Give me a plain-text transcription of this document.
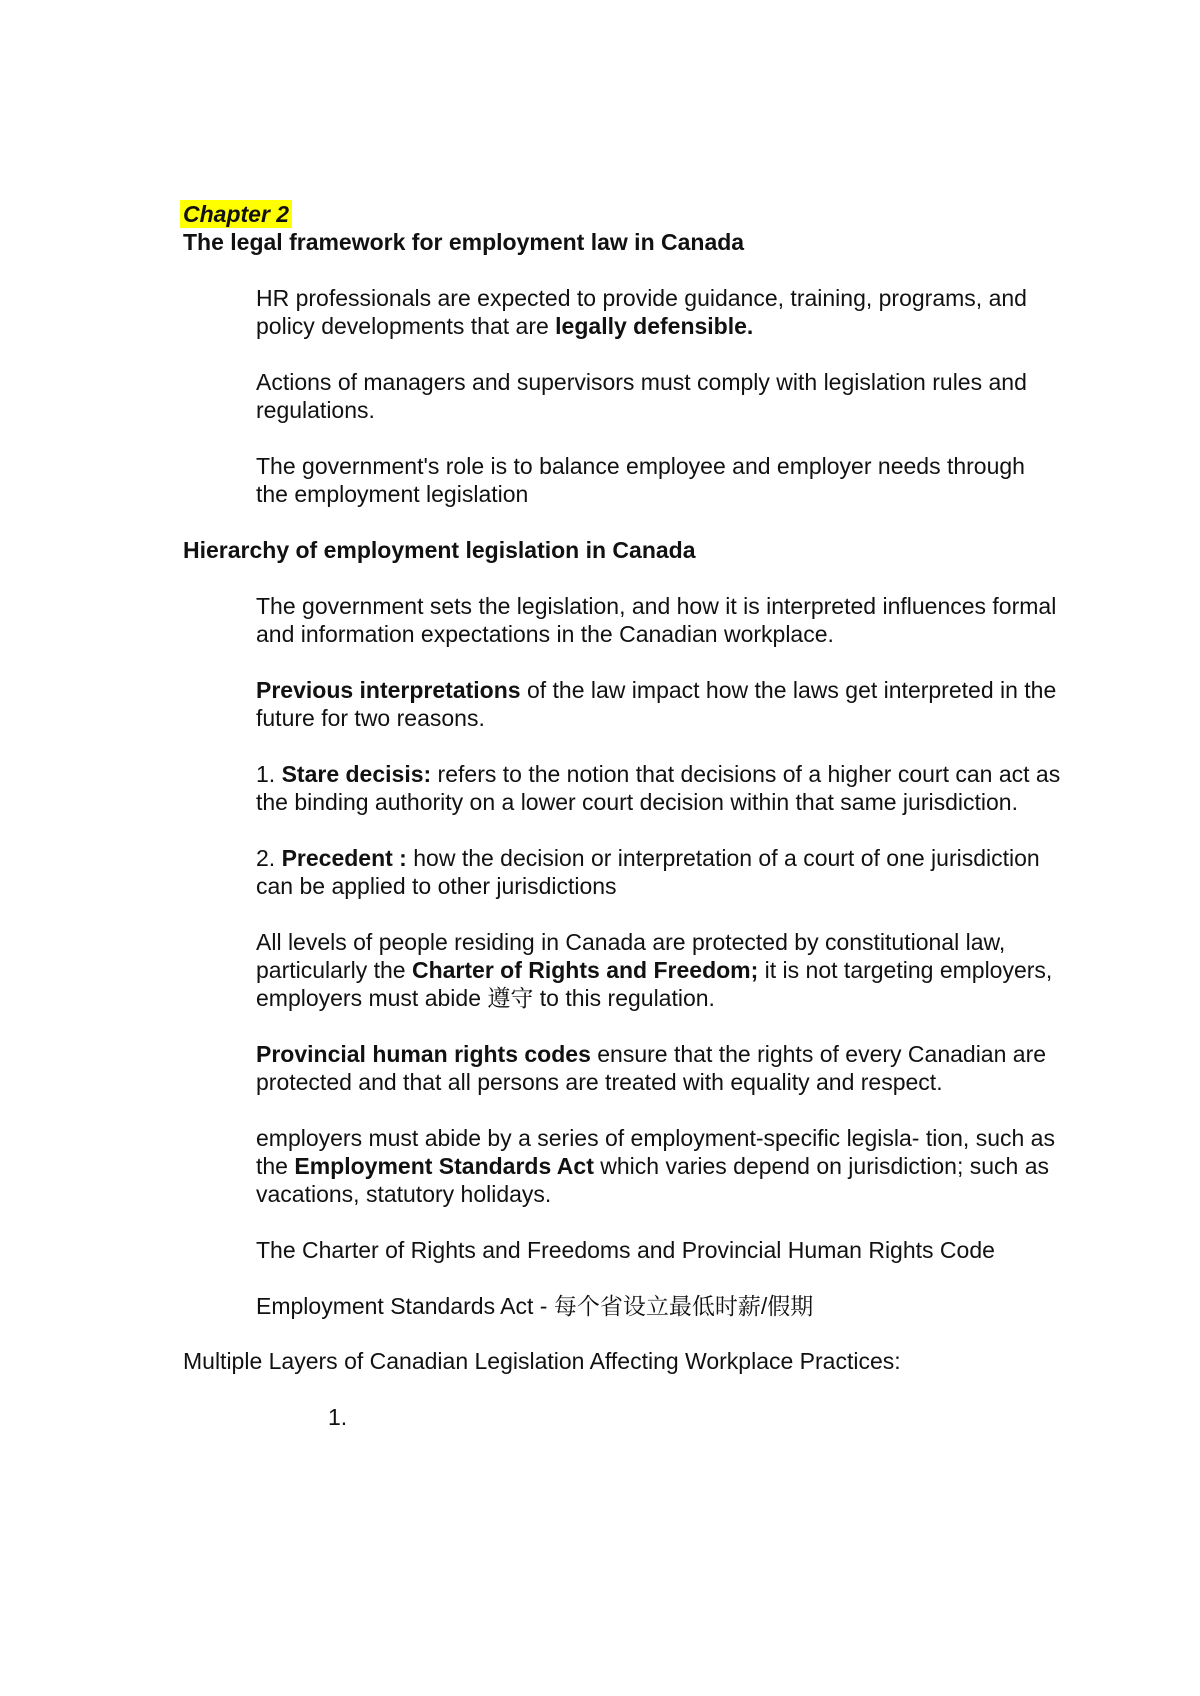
Chapter 2

The legal framework for employment law in Canada

HR professionals are expected to provide guidance, training, programs, and policy developments that are legally defensible.

Actions of managers and supervisors must comply with legislation rules and regulations.

The government's role is to balance employee and employer needs through the employment legislation

Hierarchy of employment legislation in Canada

The government sets the legislation, and how it is interpreted influences formal and information expectations in the Canadian workplace.

Previous interpretations of the law impact how the laws get interpreted in the future for two reasons.

1. Stare decisis: refers to the notion that decisions of a higher court can act as the binding authority on a lower court decision within that same jurisdiction.

2. Precedent : how the decision or interpretation of a court of one jurisdiction can be applied to other jurisdictions

All levels of people residing in Canada are protected by constitutional law, particularly the Charter of Rights and Freedom; it is not targeting employers, employers must abide 遵守 to this regulation.

Provincial human rights codes ensure that the rights of every Canadian are protected and that all persons are treated with equality and respect.

employers must abide by a series of employment-specific legisla- tion, such as the Employment Standards Act which varies depend on jurisdiction; such as vacations, statutory holidays.

The Charter of Rights and Freedoms and Provincial Human Rights Code

Employment Standards Act - 每个省设立最低时薪/假期

Multiple Layers of Canadian Legislation Affecting Workplace Practices:
1.
